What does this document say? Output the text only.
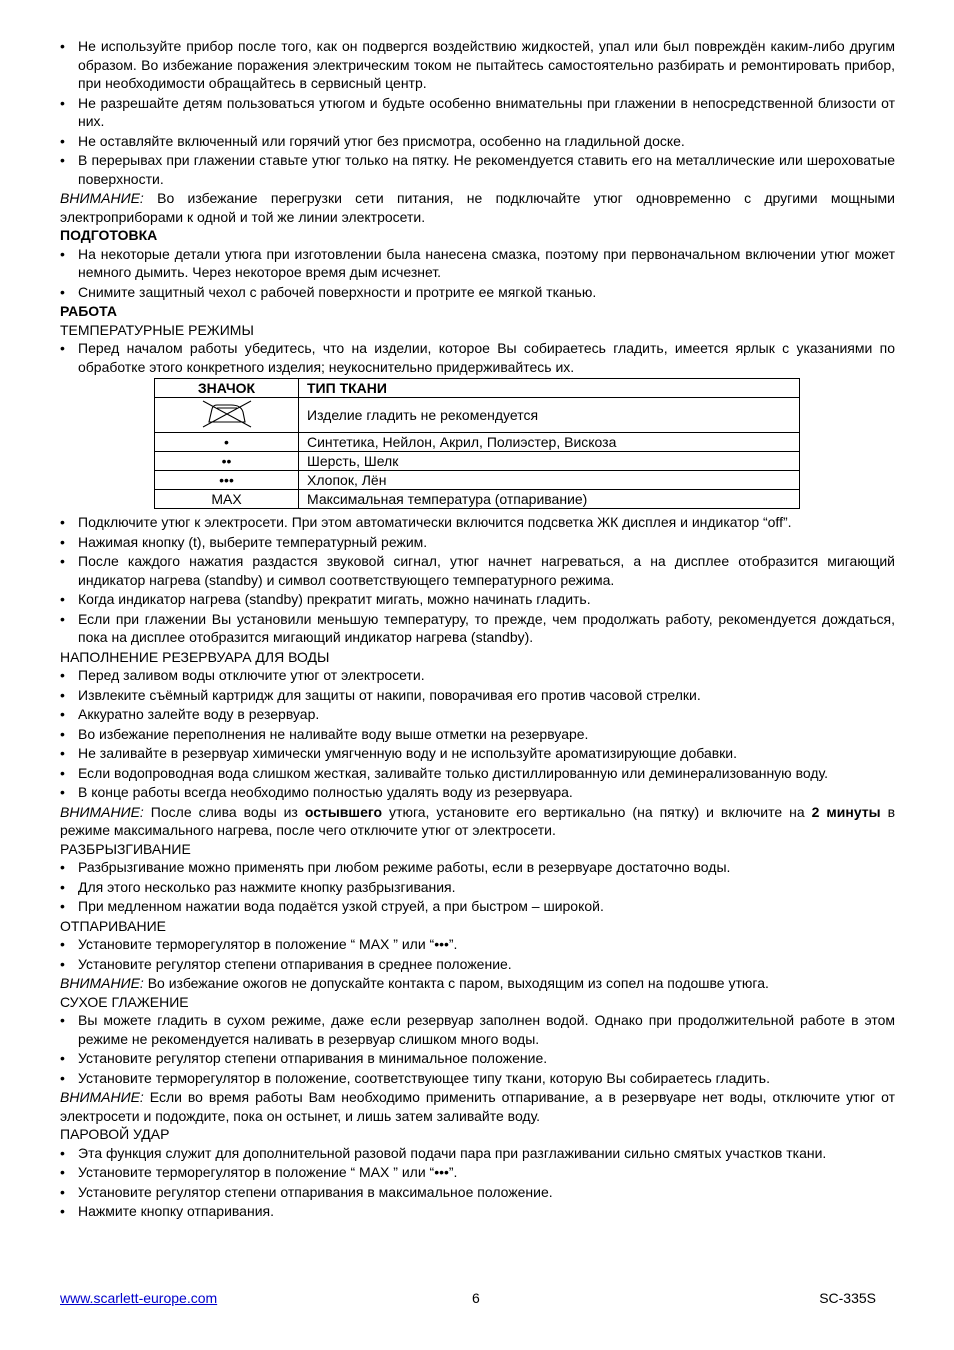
• Не используйте прибор после того, как он подвергся воздействию жидкостей, упал или был повреждён каким-либо другим образом. Во избежание поражения электрическим током не пытайтесь самостоятельно разбирать и ремонтировать прибор, при необходимости обращайтесь в сервисный центр.
• Не разрешайте детям пользоваться утюгом и будьте особенно внимательны при глажении в непосредственной близости от них.
• Не оставляйте включенный или горячий утюг без присмотра, особенно на гладильной доске.
• В перерывах при глажении ставьте утюг только на пятку. Не рекомендуется ставить его на металлические или шероховатые поверхности.

ВНИМАНИЕ: Во избежание перегрузки сети питания, не подключайте утюг одновременно с другими мощными электроприборами к одной и той же линии электросети.

ПОДГОТОВКА
• На некоторые детали утюга при изготовлении была нанесена смазка, поэтому при первоначальном включении утюг может немного дымить. Через некоторое время дым исчезнет.
• Снимите защитный чехол с рабочей поверхности и протрите ее мягкой тканью.
РАБОТА
ТЕМПЕРАТУРНЫЕ РЕЖИМЫ
• Перед началом работы убедитесь, что на изделии, которое Вы собираетесь гладить, имеется ярлык с указаниями по обработке этого конкретного изделия; неукоснительно придерживайтесь их.
ЗНАЧОК	ТИП ТКАНИ
	Изделие гладить не рекомендуется
•	Синтетика, Нейлон, Акрил, Полиэстер, Вискоза
••	Шерсть, Шелк
•••	Хлопок, Лён
MAX	Максимальная температура (отпаривание)
• Подключите утюг к электросети. При этом автоматически включится подсветка ЖК дисплея и индикатор “off”.
• Нажимая кнопку (t), выберите температурный режим.
• После каждого нажатия раздастся звуковой сигнал, утюг начнет нагреваться, а на дисплее отобразится мигающий индикатор нагрева (standby) и символ соответствующего температурного режима.
• Когда индикатор нагрева (standby) прекратит мигать, можно начинать гладить.
• Если при глажении Вы установили меньшую температуру, то прежде, чем продолжать работу, рекомендуется дождаться, пока на дисплее отобразится мигающий индикатор нагрева (standby).
НАПОЛНЕНИЕ РЕЗЕРВУАРА ДЛЯ ВОДЫ
• Перед заливом воды отключите утюг от электросети.
• Извлеките съёмный картридж для защиты от накипи, поворачивая его против часовой стрелки.
• Аккуратно залейте воду в резервуар.
• Во избежание переполнения не наливайте воду выше отметки на резервуаре.
• Не заливайте в резервуар химически умягченную воду и не используйте ароматизирующие добавки.
• Если водопроводная вода слишком жесткая, заливайте только дистиллированную или деминерализованную воду.
• В конце работы всегда необходимо полностью удалять воду из резервуара.

ВНИМАНИЕ: После слива воды из остывшего утюга, установите его вертикально (на пятку) и включите на 2 минуты в режиме максимального нагрева, после чего отключите утюг от электросети.

РАЗБРЫЗГИВАНИЕ
• Разбрызгивание можно применять при любом режиме работы, если в резервуаре достаточно воды.
• Для этого несколько раз нажмите кнопку разбрызгивания.
• При медленном нажатии вода подаётся узкой струей, а при быстром – широкой.
ОТПАРИВАНИЕ
• Установите терморегулятор в положение “ MAX ” или “•••”.
• Установите регулятор степени отпаривания в среднее положение.

ВНИМАНИЕ: Во избежание ожогов не допускайте контакта с паром, выходящим из сопел на подошве утюга.

СУХОЕ ГЛАЖЕНИЕ
• Вы можете гладить в сухом режиме, даже если резервуар заполнен водой. Однако при продолжительной работе в этом режиме не рекомендуется наливать в резервуар слишком много воды.
• Установите регулятор степени отпаривания в минимальное положение.
• Установите терморегулятор в положение, соответствующее типу ткани, которую Вы собираетесь гладить.

ВНИМАНИЕ: Если во время работы Вам необходимо применить отпаривание, а в резервуаре нет воды, отключите утюг от электросети и подождите, пока он остынет, и лишь затем заливайте воду.

ПАРОВОЙ УДАР
• Эта функция служит для дополнительной разовой подачи пара при разглаживании сильно смятых участков ткани.
• Установите терморегулятор в положение “ MAX ” или “•••”.
• Установите регулятор степени отпаривания в максимальное положение.
• Нажмите кнопку отпаривания.
www.scarlett-europe.com	6	SC-335S
